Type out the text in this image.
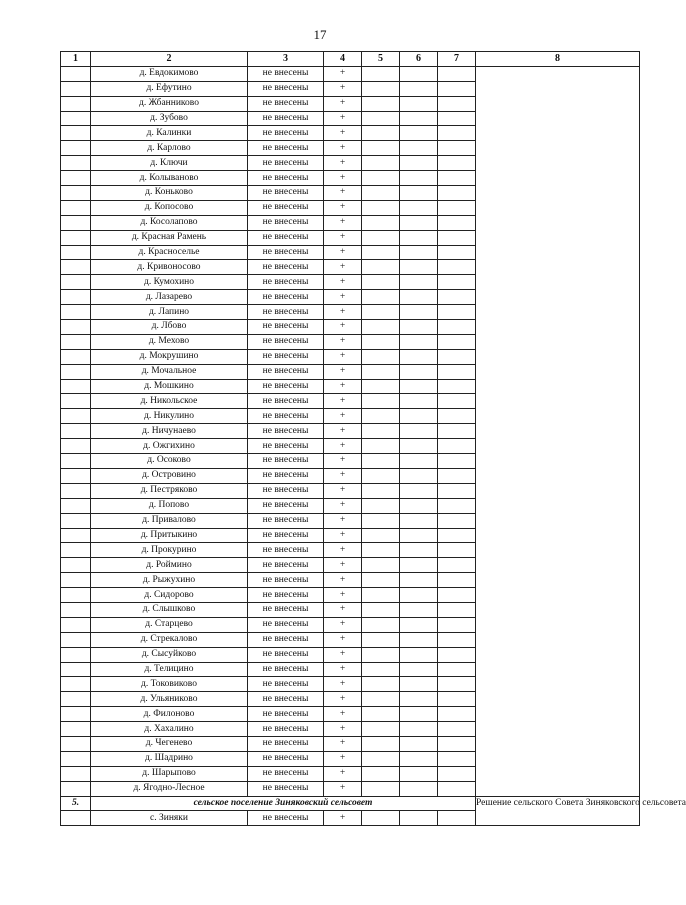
17
1	2	3	4	5	6	7	8
	д. Евдокимово	не внесены	+				
	д. Ефутино	не внесены	+				
	д. Жбанниково	не внесены	+				
	д. Зубово	не внесены	+				
	д. Калинки	не внесены	+				
	д. Карлово	не внесены	+				
	д. Ключи	не внесены	+				
	д. Колываново	не внесены	+				
	д. Коньково	не внесены	+				
	д. Копосово	не внесены	+				
	д. Косолапово	не внесены	+				
	д. Красная Рамень	не внесены	+				
	д. Красноселье	не внесены	+				
	д. Кривоносово	не внесены	+				
	д. Кумохино	не внесены	+				
	д. Лазарево	не внесены	+				
	д. Лапино	не внесены	+				
	д. Лбово	не внесены	+				
	д. Мехово	не внесены	+				
	д. Мокрушино	не внесены	+				
	д. Мочальное	не внесены	+				
	д. Мошкино	не внесены	+				
	д. Никольское	не внесены	+				
	д. Никулино	не внесены	+				
	д. Ничунаево	не внесены	+				
	д. Ожгихино	не внесены	+				
	д. Осоково	не внесены	+				
	д. Островино	не внесены	+				
	д. Пестряково	не внесены	+				
	д. Попово	не внесены	+				
	д. Привалово	не внесены	+				
	д. Притыкино	не внесены	+				
	д. Прокурино	не внесены	+				
	д. Роймино	не внесены	+				
	д. Рыжухино	не внесены	+				
	д. Сидорово	не внесены	+				
	д. Слышково	не внесены	+				
	д. Старцево	не внесены	+				
	д. Стрекалово	не внесены	+				
	д. Сысуйково	не внесены	+				
	д. Телицино	не внесены	+				
	д. Токовиково	не внесены	+				
	д. Ульяниково	не внесены	+				
	д. Филоново	не внесены	+				
	д. Хахалино	не внесены	+				
	д. Чегенево	не внесены	+				
	д. Шадрино	не внесены	+				
	д. Шарыпово	не внесены	+				
	д. Ягодно-Лесное	не внесены	+				
5.	сельское поселение Зиняковский сельсовет						Решение сельского Совета Зиняковского сельсовета
	с. Зиняки	не внесены	+				
